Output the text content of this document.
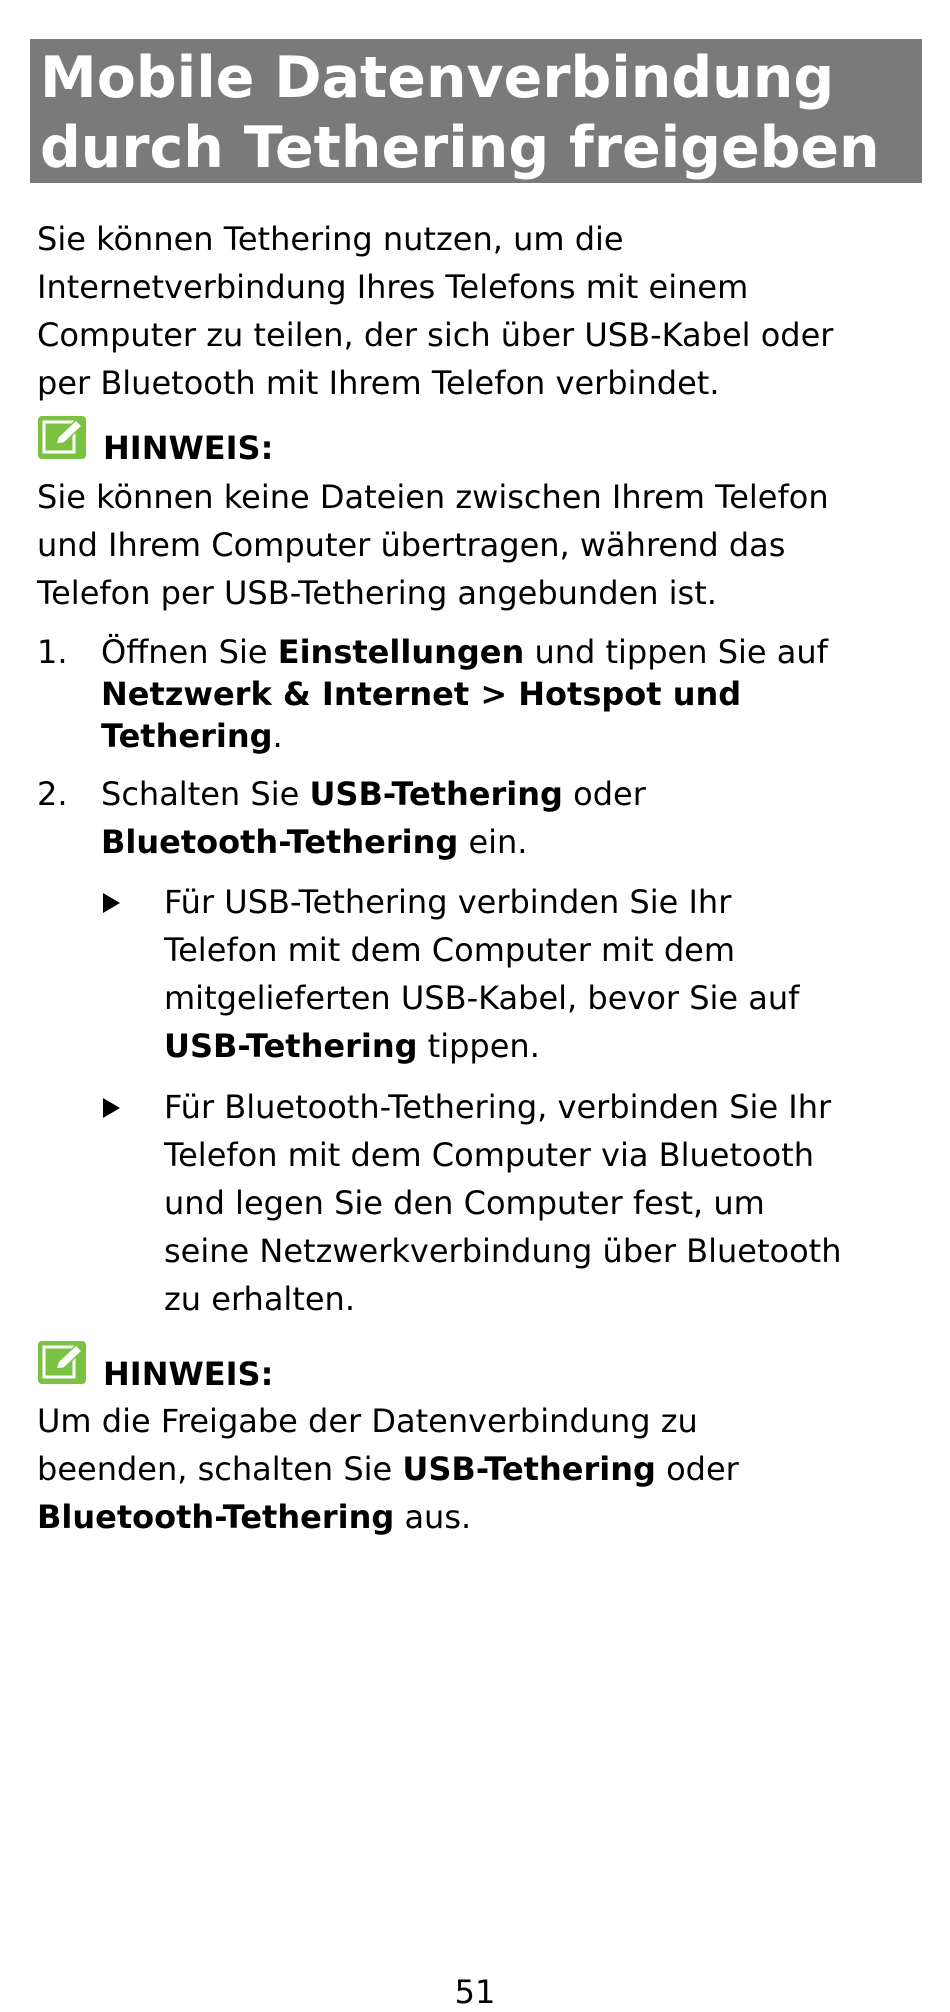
Mobile Datenverbindung
durch Tethering freigeben
Sie können Tethering nutzen, um die
Internetverbindung Ihres Telefons mit einem
Computer zu teilen, der sich über USB-Kabel oder
per Bluetooth mit Ihrem Telefon verbindet.
HINWEIS:
Sie können keine Dateien zwischen Ihrem Telefon
und Ihrem Computer übertragen, während das
Telefon per USB-Tethering angebunden ist.
1. Öffnen Sie Einstellungen und tippen Sie auf
Netzwerk & Internet > Hotspot und
Tethering.
2. Schalten Sie USB-Tethering oder
Bluetooth-Tethering ein.
Für USB-Tethering verbinden Sie Ihr
Telefon mit dem Computer mit dem
mitgelieferten USB-Kabel, bevor Sie auf
USB-Tethering tippen.
Für Bluetooth-Tethering, verbinden Sie Ihr
Telefon mit dem Computer via Bluetooth
und legen Sie den Computer fest, um
seine Netzwerkverbindung über Bluetooth
zu erhalten.
HINWEIS:
Um die Freigabe der Datenverbindung zu
beenden, schalten Sie USB-Tethering oder
Bluetooth-Tethering aus.
51
